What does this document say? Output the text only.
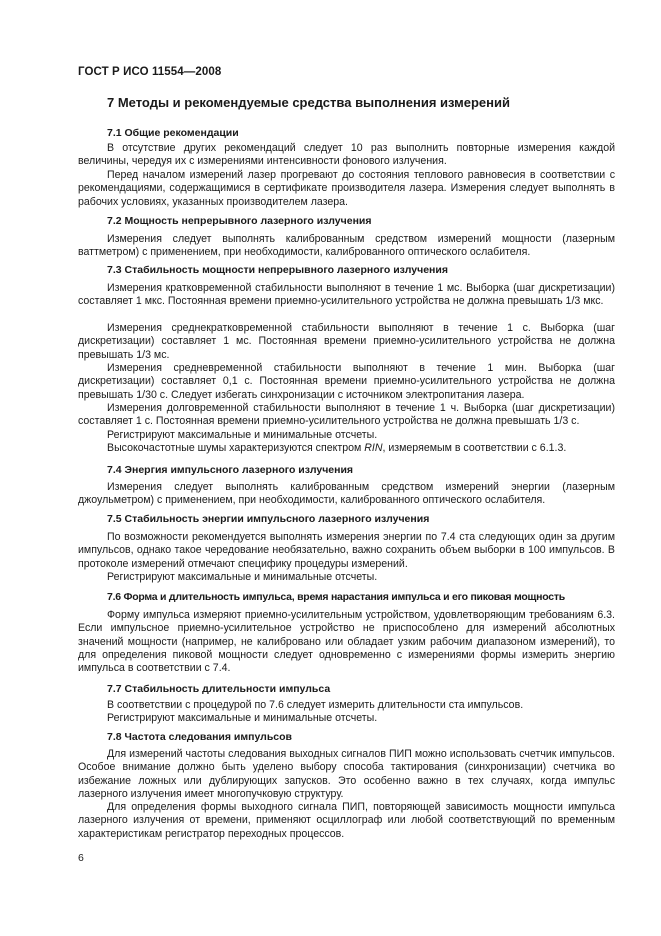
ГОСТ Р ИСО 11554—2008
7 Методы и рекомендуемые средства выполнения измерений
7.1 Общие рекомендации

В отсутствие других рекомендаций следует 10 раз выполнить повторные измерения каждой величины, чередуя их с измерениями интенсивности фонового излучения.

Перед началом измерений лазер прогревают до состояния теплового равновесия в соответствии с рекомендациями, содержащимися в сертификате производителя лазера. Измерения следует выполнять в рабочих условиях, указанных производителем лазера.

7.2 Мощность непрерывного лазерного излучения

Измерения следует выполнять калиброванным средством измерений мощности (лазерным ваттметром) с применением, при необходимости, калиброванного оптического ослабителя.

7.3 Стабильность мощности непрерывного лазерного излучения

Измерения кратковременной стабильности выполняют в течение 1 мс. Выборка (шаг дискретизации) составляет 1 мкс. Постоянная времени приемно-усилительного устройства не должна превышать 1/3 мкс.

Измерения среднекратковременной стабильности выполняют в течение 1 с. Выборка (шаг дискретизации) составляет 1 мс. Постоянная времени приемно-усилительного устройства не должна превышать 1/3 мс.

Измерения средневременной стабильности выполняют в течение 1 мин. Выборка (шаг дискретизации) составляет 0,1 с. Постоянная времени приемно-усилительного устройства не должна превышать 1/30 с. Следует избегать синхронизации с источником электропитания лазера.

Измерения долговременной стабильности выполняют в течение 1 ч. Выборка (шаг дискретизации) составляет 1 с. Постоянная времени приемно-усилительного устройства не должна превышать 1/3 с.

Регистрируют максимальные и минимальные отсчеты.

Высокочастотные шумы характеризуются спектром RIN, измеряемым в соответствии с 6.1.3.

7.4 Энергия импульсного лазерного излучения

Измерения следует выполнять калиброванным средством измерений энергии (лазерным джоульметром) с применением, при необходимости, калиброванного оптического ослабителя.

7.5 Стабильность энергии импульсного лазерного излучения

По возможности рекомендуется выполнять измерения энергии по 7.4 ста следующих один за другим импульсов, однако такое чередование необязательно, важно сохранить объем выборки в 100 импульсов. В протоколе измерений отмечают специфику процедуры измерений.

Регистрируют максимальные и минимальные отсчеты.

7.6 Форма и длительность импульса, время нарастания импульса и его пиковая мощность

Форму импульса измеряют приемно-усилительным устройством, удовлетворяющим требованиям 6.3. Если импульсное приемно-усилительное устройство не приспособлено для измерений абсолютных значений мощности (например, не калибровано или обладает узким рабочим диапазоном измерений), то для определения пиковой мощности следует одновременно с измерениями формы измерить энергию импульса в соответствии с 7.4.

7.7 Стабильность длительности импульса

В соответствии с процедурой по 7.6 следует измерить длительности ста импульсов.

Регистрируют максимальные и минимальные отсчеты.

7.8 Частота следования импульсов

Для измерений частоты следования выходных сигналов ПИП можно использовать счетчик импульсов. Особое внимание должно быть уделено выбору способа тактирования (синхронизации) счетчика во избежание ложных или дублирующих запусков. Это особенно важно в тех случаях, когда импульс лазерного излучения имеет многопучковую структуру.

Для определения формы выходного сигнала ПИП, повторяющей зависимость мощности импульса лазерного излучения от времени, применяют осциллограф или любой соответствующий по временным характеристикам регистратор переходных процессов.

6
